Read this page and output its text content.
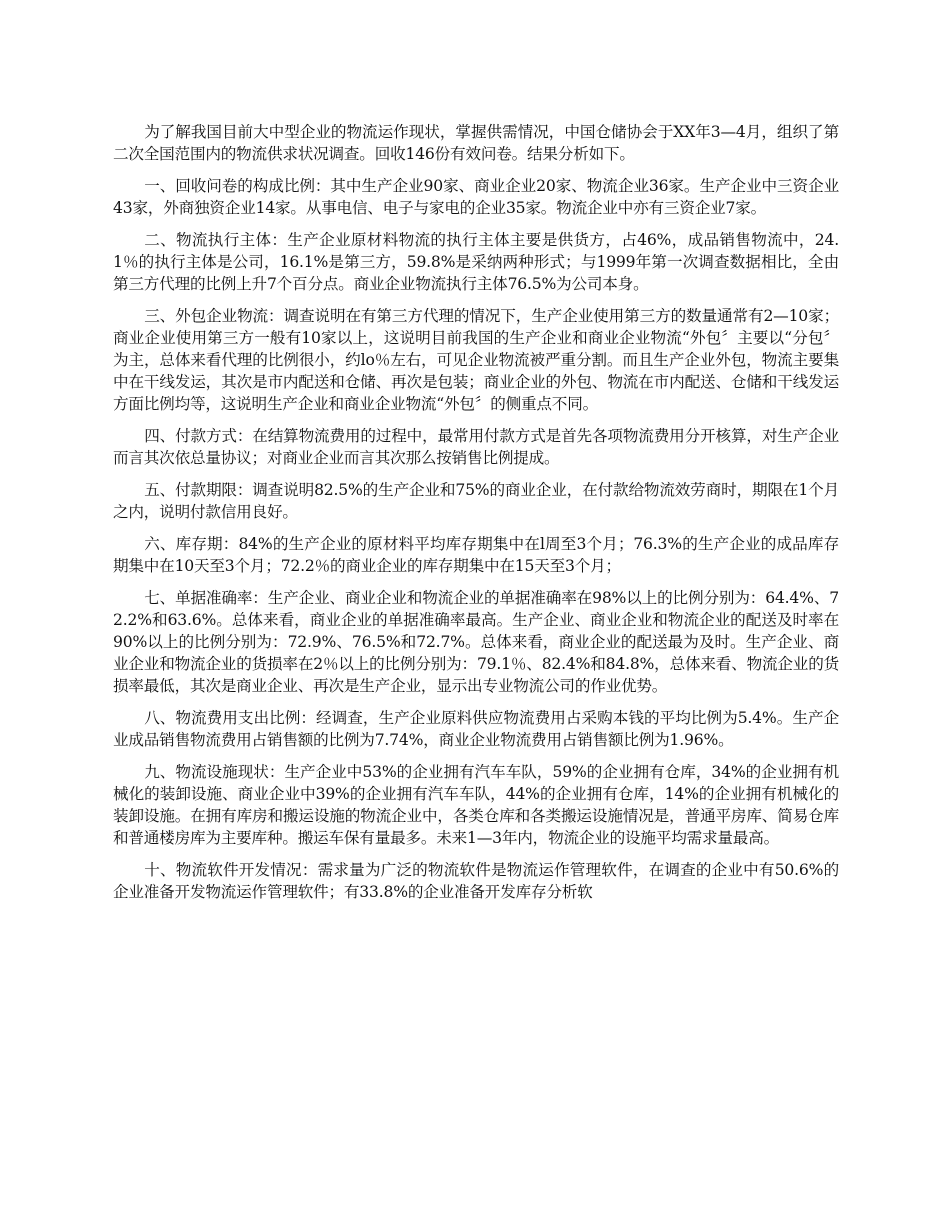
为了解我国目前大中型企业的物流运作现状，掌握供需情况，中国仓储协会于XX年3—4月，组织了第二次全国范围内的物流供求状况调查。回收146份有效问卷。结果分析如下。

一、回收问卷的构成比例：其中生产企业90家、商业企业20家、物流企业36家。生产企业中三资企业43家，外商独资企业14家。从事电信、电子与家电的企业35家。物流企业中亦有三资企业7家。

二、物流执行主体：生产企业原材料物流的执行主体主要是供货方，占46%，成品销售物流中，24.1％的执行主体是公司，16.1%是第三方，59.8%是采纳两种形式；与1999年第一次调查数据相比，全由第三方代理的比例上升7个百分点。商业企业物流执行主体76.5%为公司本身。

三、外包企业物流：调查说明在有第三方代理的情况下，生产企业使用第三方的数量通常有2—10家；商业企业使用第三方一般有10家以上，这说明目前我国的生产企业和商业企业物流“外包〞主要以“分包〞为主，总体来看代理的比例很小，约lo％左右，可见企业物流被严重分割。而且生产企业外包，物流主要集中在干线发运，其次是市内配送和仓储、再次是包装；商业企业的外包、物流在市内配送、仓储和干线发运方面比例均等，这说明生产企业和商业企业物流“外包〞的侧重点不同。

四、付款方式：在结算物流费用的过程中，最常用付款方式是首先各项物流费用分开核算，对生产企业而言其次依总量协议；对商业企业而言其次那么按销售比例提成。

五、付款期限：调查说明82.5%的生产企业和75%的商业企业，在付款给物流效劳商时，期限在1个月之内，说明付款信用良好。

六、库存期：84%的生产企业的原材料平均库存期集中在l周至3个月；76.3%的生产企业的成品库存期集中在10天至3个月；72.2％的商业企业的库存期集中在15天至3个月；

七、单据准确率：生产企业、商业企业和物流企业的单据准确率在98%以上的比例分别为：64.4%、72.2%和63.6%。总体来看，商业企业的单据准确率最高。生产企业、商业企业和物流企业的配送及时率在90%以上的比例分别为：72.9%、76.5%和72.7%。总体来看，商业企业的配送最为及时。生产企业、商业企业和物流企业的货损率在2％以上的比例分别为：79.1％、82.4%和84.8%，总体来看、物流企业的货损率最低，其次是商业企业、再次是生产企业，显示出专业物流公司的作业优势。

八、物流费用支出比例：经调查，生产企业原料供应物流费用占采购本钱的平均比例为5.4%。生产企业成品销售物流费用占销售额的比例为7.74%，商业企业物流费用占销售额比例为1.96%。

九、物流设施现状：生产企业中53%的企业拥有汽车车队，59%的企业拥有仓库，34%的企业拥有机械化的装卸设施、商业企业中39%的企业拥有汽车车队，44%的企业拥有仓库，14%的企业拥有机械化的装卸设施。在拥有库房和搬运设施的物流企业中，各类仓库和各类搬运设施情况是，普通平房库、简易仓库和普通楼房库为主要库种。搬运车保有量最多。未来1—3年内，物流企业的设施平均需求量最高。

十、物流软件开发情况：需求量为广泛的物流软件是物流运作管理软件，在调查的企业中有50.6%的企业准备开发物流运作管理软件；有33.8%的企业准备开发库存分析软
